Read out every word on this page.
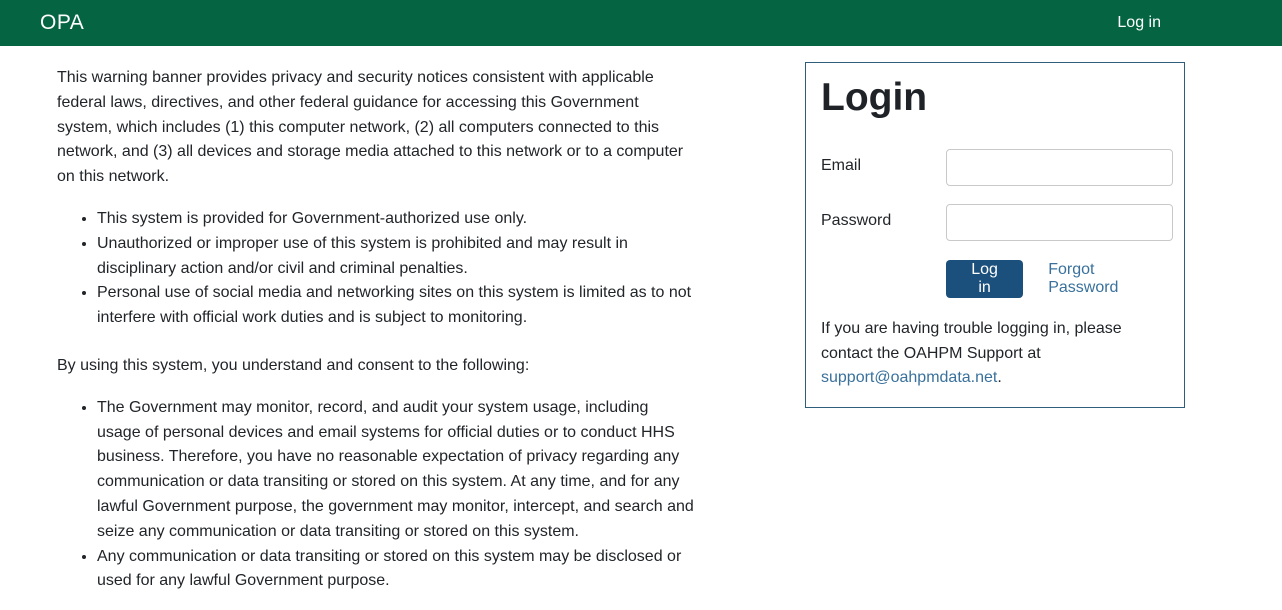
OPA	Log in

This warning banner provides privacy and security notices consistent with applicable federal laws, directives, and other federal guidance for accessing this Government system, which includes (1) this computer network, (2) all computers connected to this network, and (3) all devices and storage media attached to this network or to a computer on this network.

• This system is provided for Government-authorized use only.
• Unauthorized or improper use of this system is prohibited and may result in disciplinary action and/or civil and criminal penalties.
• Personal use of social media and networking sites on this system is limited as to not interfere with official work duties and is subject to monitoring.

By using this system, you understand and consent to the following:

• The Government may monitor, record, and audit your system usage, including usage of personal devices and email systems for official duties or to conduct HHS business. Therefore, you have no reasonable expectation of privacy regarding any communication or data transiting or stored on this system. At any time, and for any lawful Government purpose, the government may monitor, intercept, and search and seize any communication or data transiting or stored on this system.
• Any communication or data transiting or stored on this system may be disclosed or used for any lawful Government purpose.
Login
Email
Password
Log in
Forgot Password
If you are having trouble logging in, please contact the OAHPM Support at support@oahpmdata.net.
